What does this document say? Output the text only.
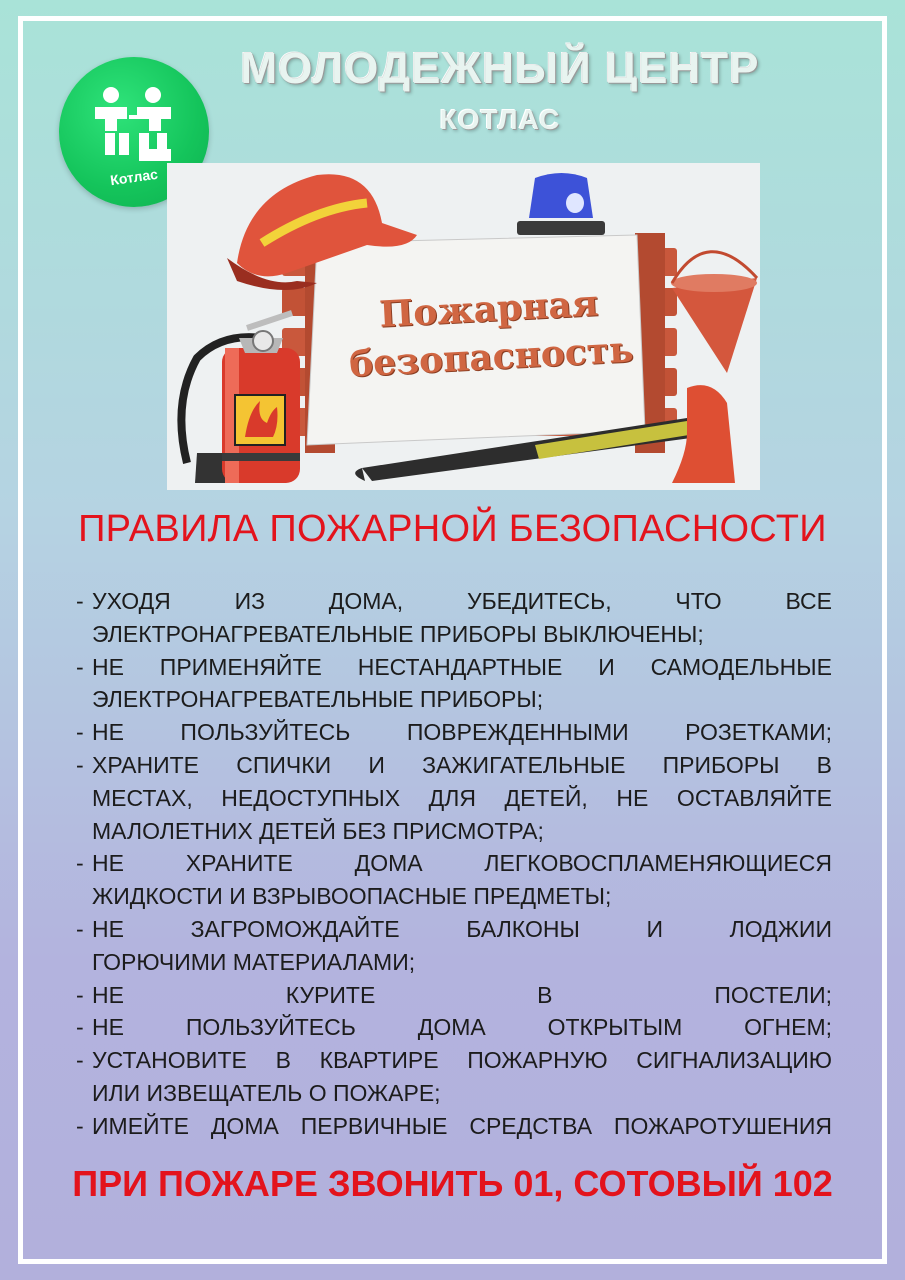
Котлас
МОЛОДЕЖНЫЙ ЦЕНТР
КОТЛАС
Пожарная
безопасность
ПРАВИЛА ПОЖАРНОЙ БЕЗОПАСНОСТИ
- УХОДЯ ИЗ ДОМА, УБЕДИТЕСЬ, ЧТО ВСЕ
ЭЛЕКТРОНАГРЕВАТЕЛЬНЫЕ ПРИБОРЫ ВЫКЛЮЧЕНЫ;
- НЕ ПРИМЕНЯЙТЕ НЕСТАНДАРТНЫЕ И САМОДЕЛЬНЫЕ
ЭЛЕКТРОНАГРЕВАТЕЛЬНЫЕ ПРИБОРЫ;
- НЕ ПОЛЬЗУЙТЕСЬ ПОВРЕЖДЕННЫМИ РОЗЕТКАМИ;
- ХРАНИТЕ СПИЧКИ И ЗАЖИГАТЕЛЬНЫЕ ПРИБОРЫ В
МЕСТАХ, НЕДОСТУПНЫХ ДЛЯ ДЕТЕЙ, НЕ ОСТАВЛЯЙТЕ
МАЛОЛЕТНИХ ДЕТЕЙ БЕЗ ПРИСМОТРА;
- НЕ ХРАНИТЕ ДОМА ЛЕГКОВОСПЛАМЕНЯЮЩИЕСЯ
ЖИДКОСТИ И ВЗРЫВООПАСНЫЕ ПРЕДМЕТЫ;
- НЕ ЗАГРОМОЖДАЙТЕ БАЛКОНЫ И ЛОДЖИИ
ГОРЮЧИМИ МАТЕРИАЛАМИ;
- НЕ КУРИТЕ В ПОСТЕЛИ;
- НЕ ПОЛЬЗУЙТЕСЬ ДОМА ОТКРЫТЫМ ОГНЕМ;
- УСТАНОВИТЕ В КВАРТИРЕ ПОЖАРНУЮ СИГНАЛИЗАЦИЮ
ИЛИ ИЗВЕЩАТЕЛЬ О ПОЖАРЕ;
- ИМЕЙТЕ ДОМА ПЕРВИЧНЫЕ СРЕДСТВА ПОЖАРОТУШЕНИЯ
ПРИ ПОЖАРЕ ЗВОНИТЬ 01, СОТОВЫЙ 102
